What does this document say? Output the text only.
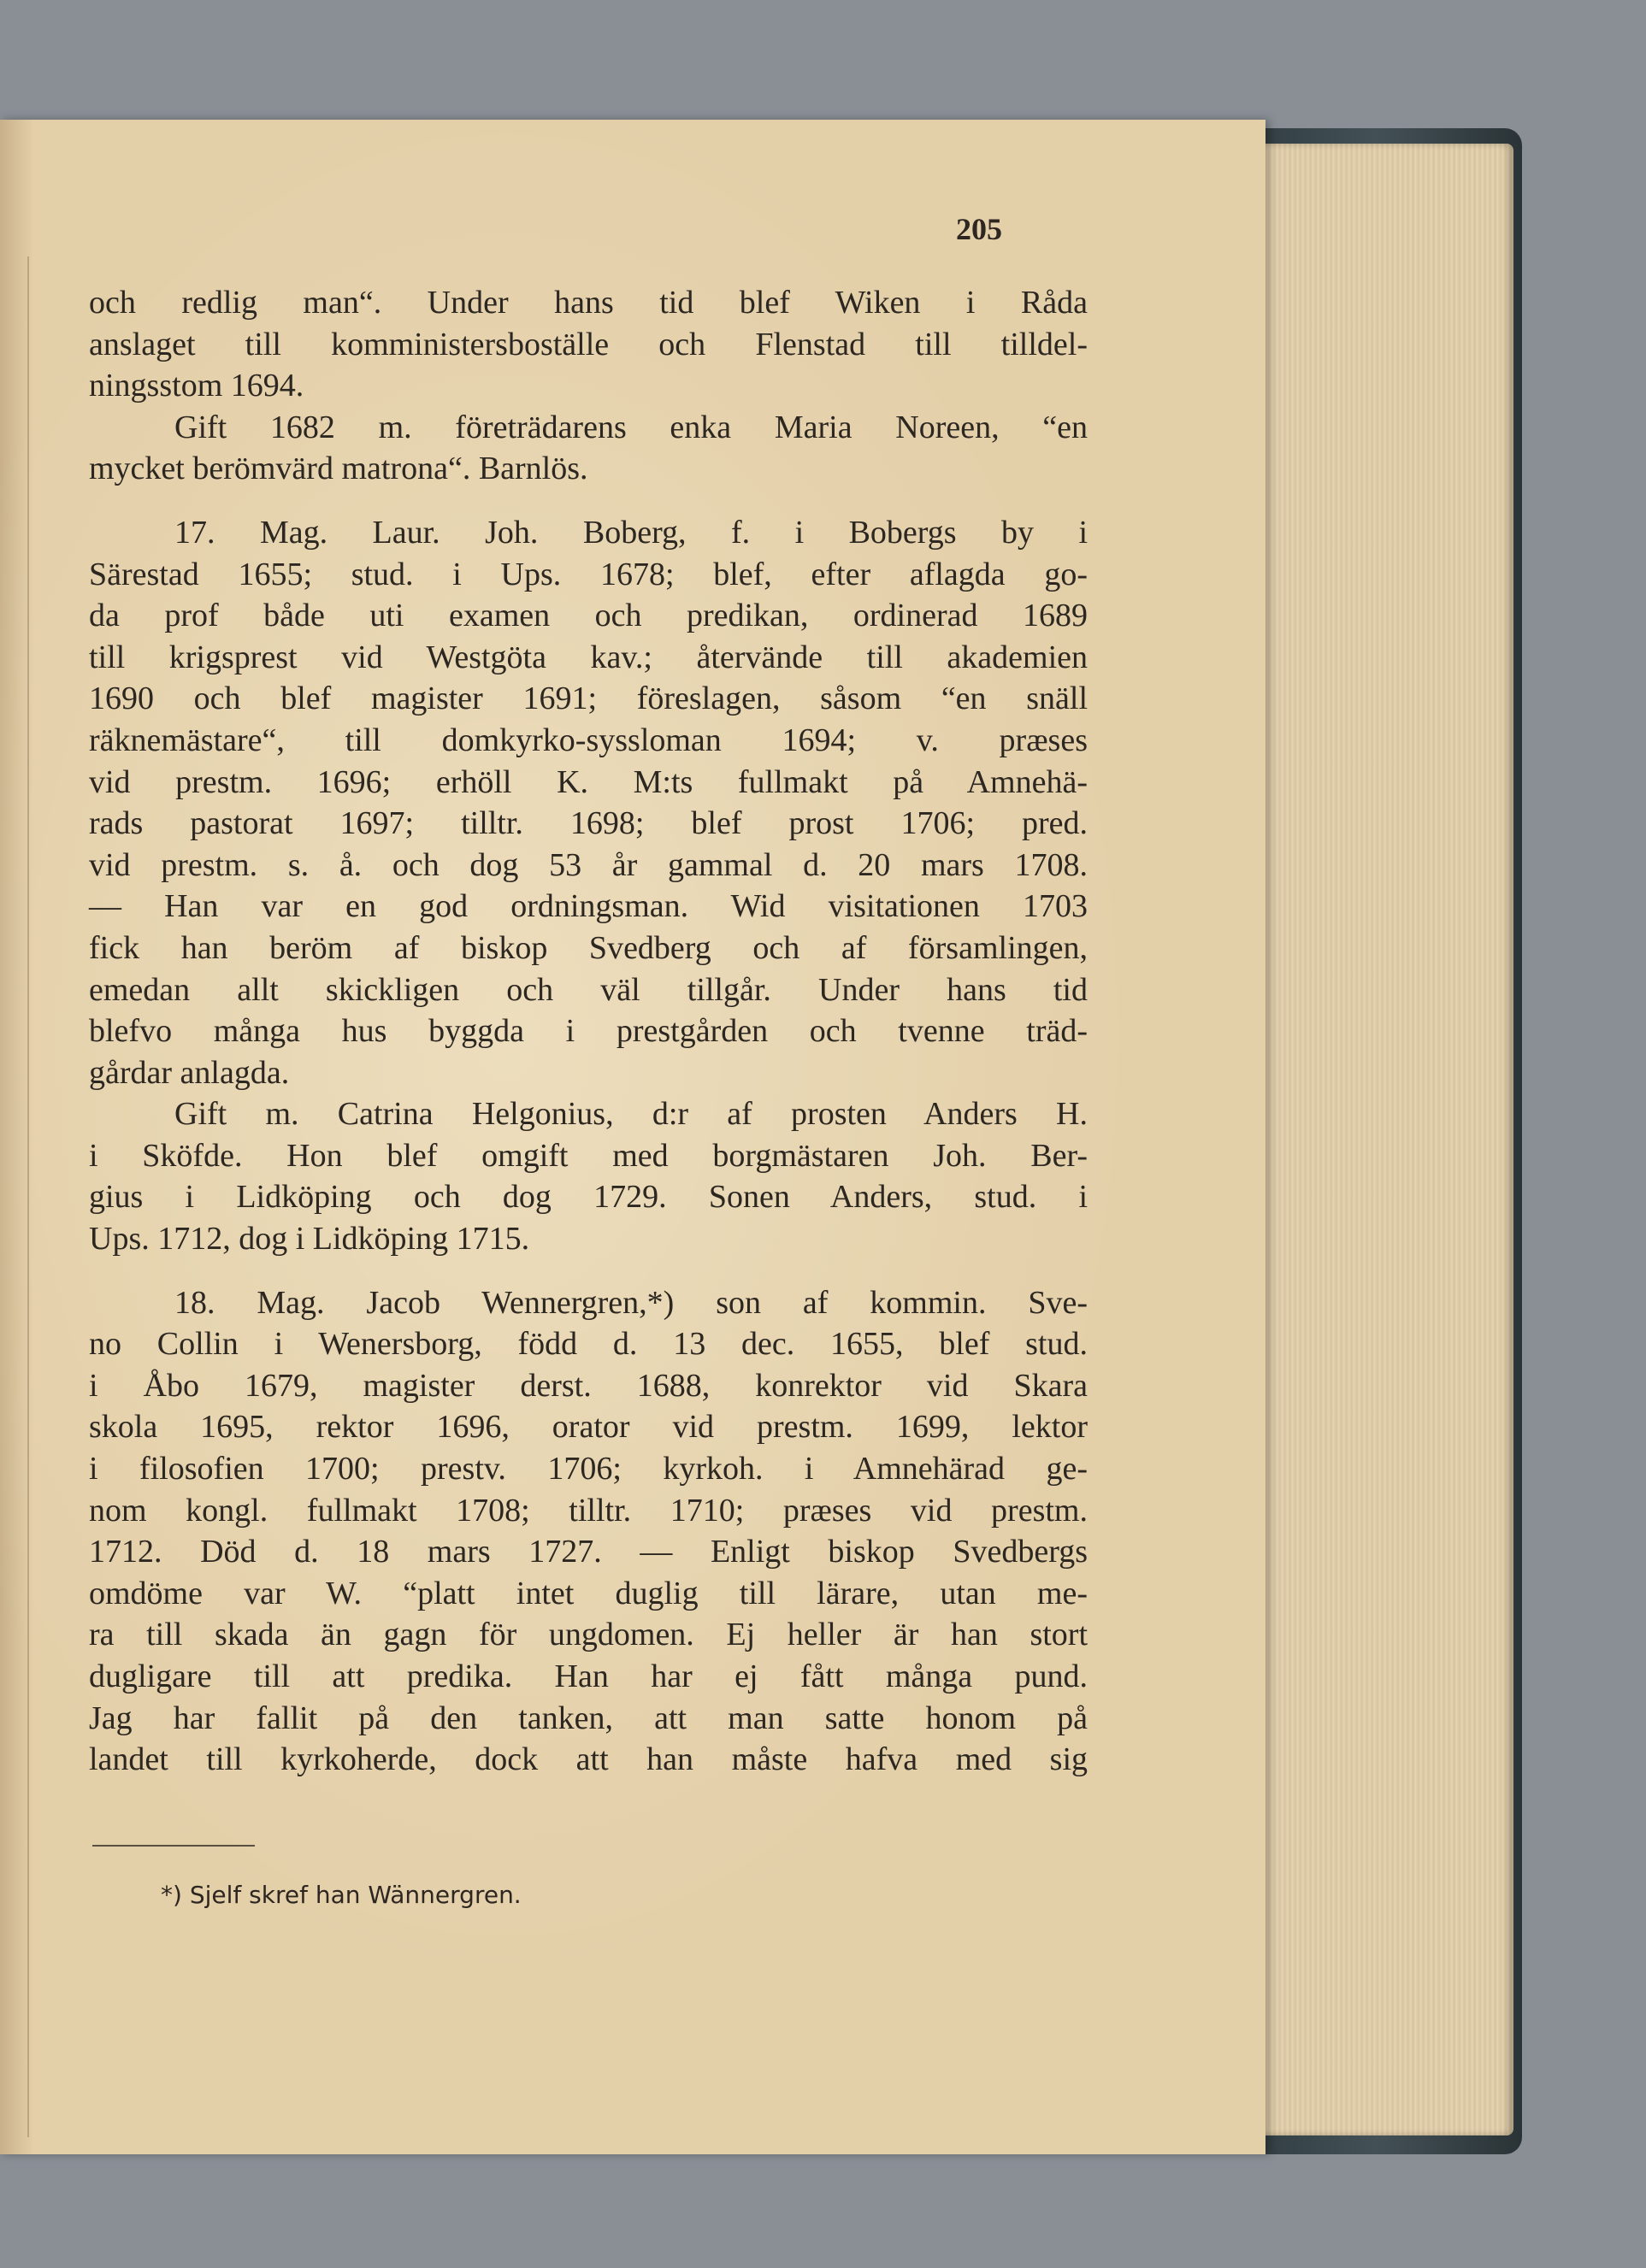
205
och redlig man“. Under hans tid blef Wiken i Råda
anslaget till komministersboställe och Flenstad till tilldel-
ningsstom 1694.
Gift 1682 m. företrädarens enka Maria Noreen, “en
mycket berömvärd matrona“. Barnlös.
17. Mag. Laur. Joh. Boberg, f. i Bobergs by i
Särestad 1655; stud. i Ups. 1678; blef, efter aflagda go-
da prof både uti examen och predikan, ordinerad 1689
till krigsprest vid Westgöta kav.; återvände till akademien
1690 och blef magister 1691; föreslagen, såsom “en snäll
räknemästare“, till domkyrko-syssloman 1694; v. præses
vid prestm. 1696; erhöll K. M:ts fullmakt på Amnehä-
rads pastorat 1697; tilltr. 1698; blef prost 1706; pred.
vid prestm. s. å. och dog 53 år gammal d. 20 mars 1708.
— Han var en god ordningsman. Wid visitationen 1703
fick han beröm af biskop Svedberg och af församlingen,
emedan allt skickligen och väl tillgår. Under hans tid
blefvo många hus byggda i prestgården och tvenne träd-
gårdar anlagda.
Gift m. Catrina Helgonius, d:r af prosten Anders H.
i Sköfde. Hon blef omgift med borgmästaren Joh. Ber-
gius i Lidköping och dog 1729. Sonen Anders, stud. i
Ups. 1712, dog i Lidköping 1715.
18. Mag. Jacob Wennergren,*) son af kommin. Sve-
no Collin i Wenersborg, född d. 13 dec. 1655, blef stud.
i Åbo 1679, magister derst. 1688, konrektor vid Skara
skola 1695, rektor 1696, orator vid prestm. 1699, lektor
i filosofien 1700; prestv. 1706; kyrkoh. i Amnehärad ge-
nom kongl. fullmakt 1708; tilltr. 1710; præses vid prestm.
1712. Död d. 18 mars 1727. — Enligt biskop Svedbergs
omdöme var W. “platt intet duglig till lärare, utan me-
ra till skada än gagn för ungdomen. Ej heller är han stort
dugligare till att predika. Han har ej fått många pund.
Jag har fallit på den tanken, att man satte honom på
landet till kyrkoherde, dock att han måste hafva med sig
*) Sjelf skref han Wännergren.
